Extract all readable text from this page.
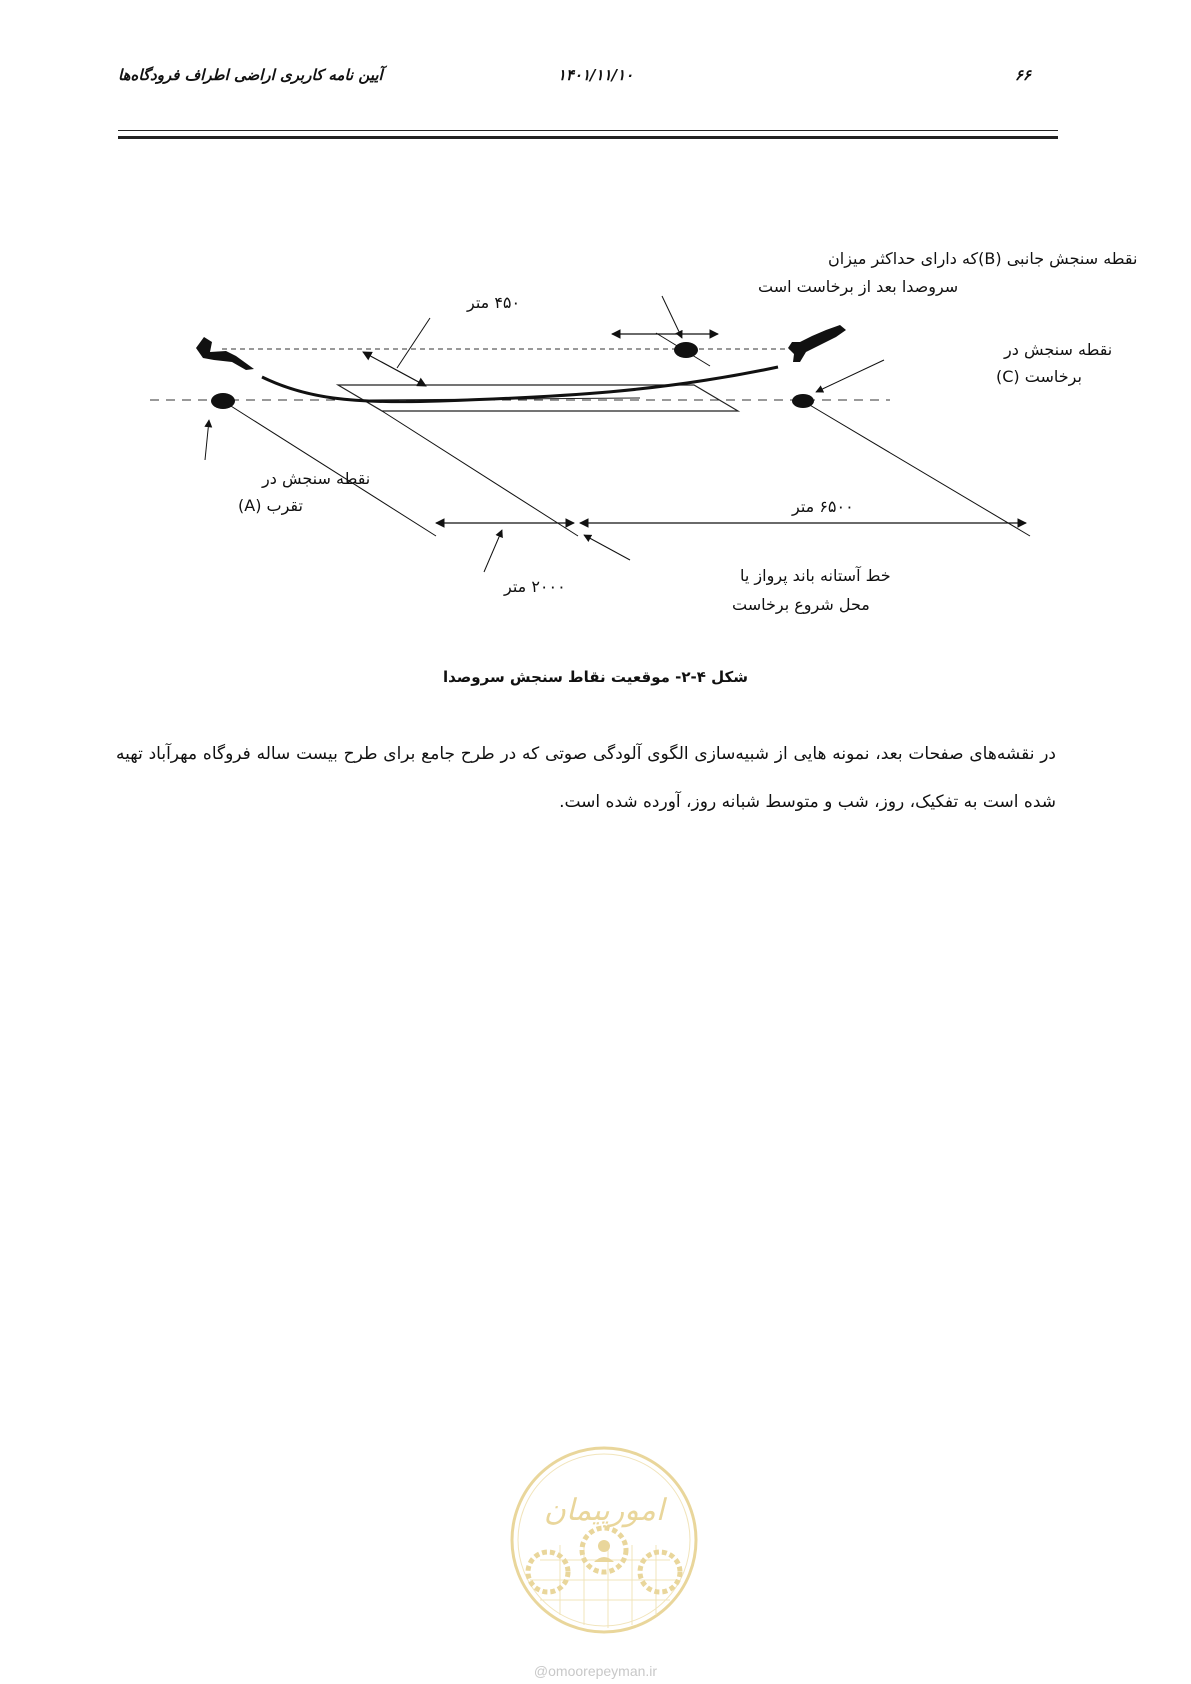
آیین نامه کاربری اراضی اطراف فرودگاه‌ها	۱۴۰۱/۱۱/۱۰	۶۶
نقطه سنجش جانبی (B)که دارای حداکثر میزان
سروصدا بعد از برخاست است
۴۵۰ متر
نقطه سنجش در
برخاست (C)
نقطه سنجش در
تقرب (A)	۶۵۰۰ متر
۲۰۰۰ متر
خط آستانه باند پرواز یا
محل شروع برخاست
امورپیمان
شکل ۴-۲- موقعیت نقاط سنجش سروصدا
در نقشه‌های صفحات بعد، نمونه هایی از شبیه‌سازی الگوی آلودگی صوتی که در طرح جامع برای طرح بیست ساله فروگاه مهرآباد تهیه شده است به تفکیک، روز، شب و متوسط شبانه روز، آورده شده است.
@omoorepeyman.ir
